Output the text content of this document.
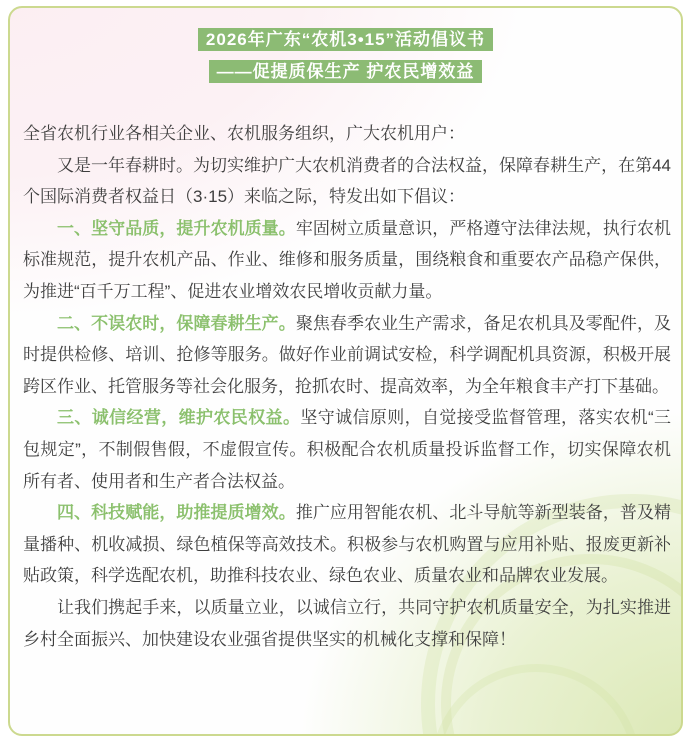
2026年广东“农机3•15”活动倡议书
——促提质保生产 护农民增效益

全省农机行业各相关企业、农机服务组织，广大农机用户：

又是一年春耕时。为切实维护广大农机消费者的合法权益，保障春耕生产，在第44个国际消费者权益日（3·15）来临之际，特发出如下倡议：

一、坚守品质，提升农机质量。牢固树立质量意识，严格遵守法律法规，执行农机标准规范，提升农机产品、作业、维修和服务质量，围绕粮食和重要农产品稳产保供，为推进“百千万工程”、促进农业增效农民增收贡献力量。

二、不误农时，保障春耕生产。聚焦春季农业生产需求，备足农机具及零配件，及时提供检修、培训、抢修等服务。做好作业前调试安检，科学调配机具资源，积极开展跨区作业、托管服务等社会化服务，抢抓农时、提高效率，为全年粮食丰产打下基础。

三、诚信经营，维护农民权益。坚守诚信原则，自觉接受监督管理，落实农机“三包规定”，不制假售假，不虚假宣传。积极配合农机质量投诉监督工作，切实保障农机所有者、使用者和生产者合法权益。

四、科技赋能，助推提质增效。推广应用智能农机、北斗导航等新型装备，普及精量播种、机收减损、绿色植保等高效技术。积极参与农机购置与应用补贴、报废更新补贴政策，科学选配农机，助推科技农业、绿色农业、质量农业和品牌农业发展。

让我们携起手来，以质量立业，以诚信立行，共同守护农机质量安全，为扎实推进乡村全面振兴、加快建设农业强省提供坚实的机械化支撑和保障！
